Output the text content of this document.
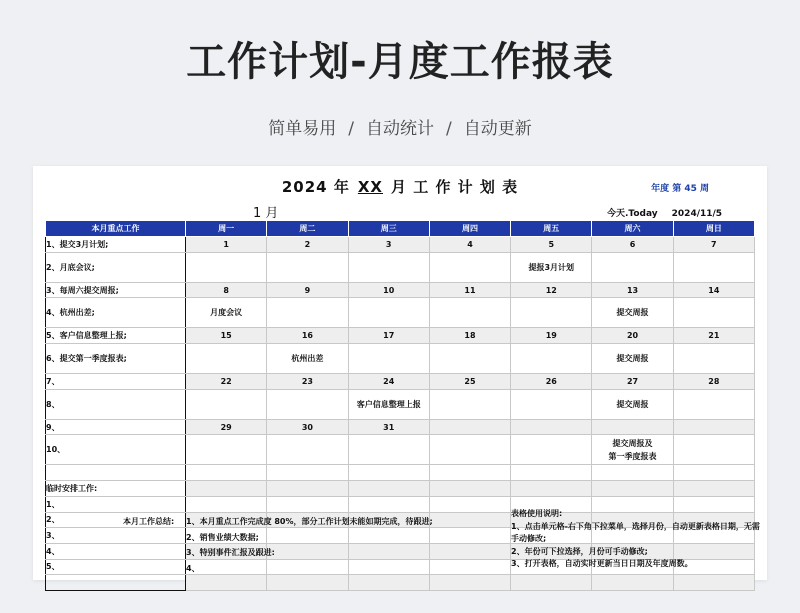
工作计划-月度工作报表
简单易用 / 自动统计 / 自动更新
2024 年 XX 月 工 作 计 划 表	年度 第 45 周
1 月	今天.Today 2024/11/5
本月重点工作	周一	周二	周三	周四	周五	周六	周日
1、提交3月计划;	1	2	3	4	5	6	7
2、月底会议;					提报3月计划		
3、每周六提交周报;	8	9	10	11	12	13	14
4、杭州出差;	月度会议					提交周报	
5、客户信息整理上报;	15	16	17	18	19	20	21
6、提交第一季度报表;		杭州出差				提交周报	
7、	22	23	24	25	26	27	28
8、			客户信息整理上报			提交周报	
9、	29	30	31				
10、						提交周报及
第一季度报表	

临时安排工作:							
1、							
2、							
3、							
4、							
5、							

本月工作总结: 1、本月重点工作完成度 80%，部分工作计划未能如期完成，待跟进;
2、销售业绩大数据;
3、特别事件汇报及跟进:
4、
表格使用说明:
1、点击单元格-右下角下拉菜单，选择月份，自动更新表格日期，无需手动修改;
2、年份可下拉选择，月份可手动修改;
3、打开表格，自动实时更新当日日期及年度周数。
